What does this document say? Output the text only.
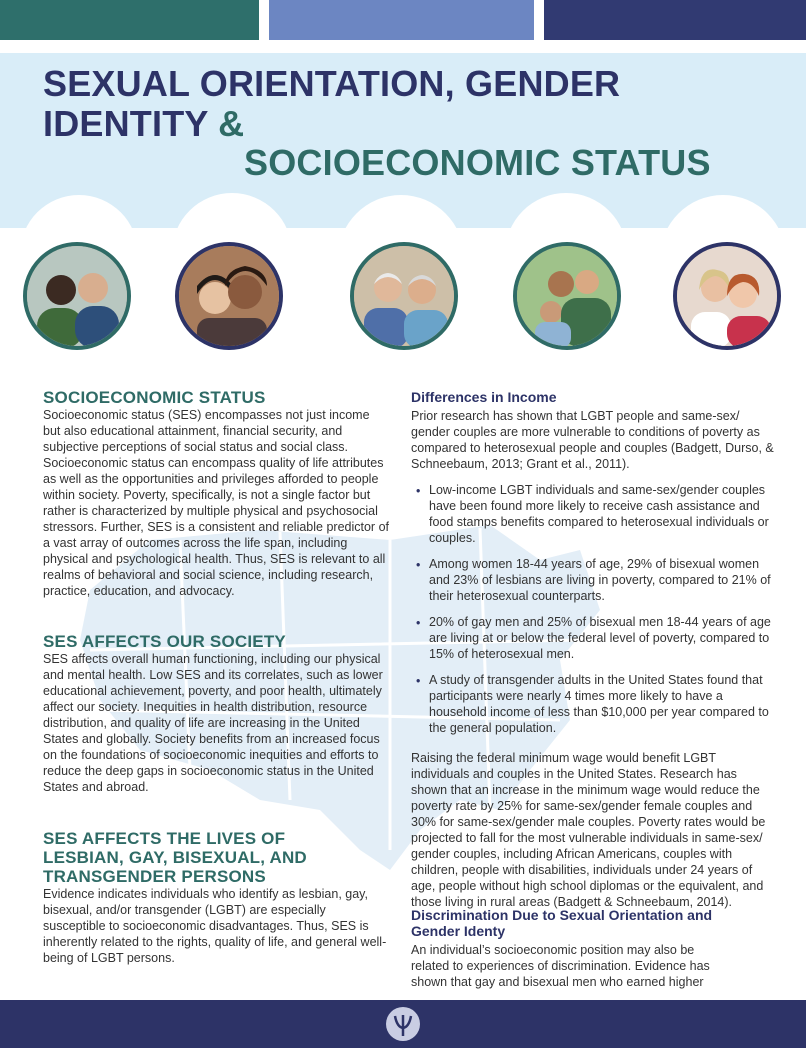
SEXUAL ORIENTATION, GENDER
IDENTITY &
SOCIOECONOMIC STATUS
SOCIOECONOMIC STATUS

Socioeconomic status (SES) encompasses not just income but also educational attainment, financial security, and subjective perceptions of social status and social class. Socioeconomic status can encompass quality of life attributes as well as the opportunities and privileges afforded to people within society. Poverty, specifically, is not a single factor but rather is characterized by multiple physical and psychosocial stressors. Further, SES is a consistent and reliable predictor of a vast array of outcomes across the life span, including physical and psychological health. Thus, SES is relevant to all realms of behavioral and social science, including research, practice, education, and advocacy.

SES AFFECTS OUR SOCIETY

SES affects overall human functioning, including our physical and mental health. Low SES and its correlates, such as lower educational achievement, poverty, and poor health, ultimately affect our society. Inequities in health distribution, resource distribution, and quality of life are increasing in the United States and globally. Society benefits from an increased focus on the foundations of socioeconomic inequities and efforts to reduce the deep gaps in socioeconomic status in the United States and abroad.

SES AFFECTS THE LIVES OF LESBIAN, GAY, BISEXUAL, AND TRANSGENDER PERSONS

Evidence indicates individuals who identify as lesbian, gay, bisexual, and/or transgender (LGBT) are especially susceptible to socioeconomic disadvantages. Thus, SES is inherently related to the rights, quality of life, and general well-being of LGBT persons.

Differences in Income

Prior research has shown that LGBT people and same-sex/ gender couples are more vulnerable to conditions of poverty as compared to heterosexual people and couples (Badgett, Durso, & Schneebaum, 2013; Grant et al., 2011).

• Low-income LGBT individuals and same-sex/gender couples have been found more likely to receive cash assistance and food stamps benefits compared to heterosexual individuals or couples.
• Among women 18-44 years of age, 29% of bisexual women and 23% of lesbians are living in poverty, compared to 21% of their heterosexual counterparts.
• 20% of gay men and 25% of bisexual men 18-44 years of age are living at or below the federal level of poverty, compared to 15% of heterosexual men.
• A study of transgender adults in the United States found that participants were nearly 4 times more likely to have a household income of less than $10,000 per year compared to the general population.

Raising the federal minimum wage would benefit LGBT individuals and couples in the United States. Research has shown that an increase in the minimum wage would reduce the poverty rate by 25% for same-sex/gender female couples and 30% for same-sex/gender male couples. Poverty rates would be projected to fall for the most vulnerable individuals in same-sex/ gender couples, including African Americans, couples with children, people with disabilities, individuals under 24 years of age, people without high school diplomas or the equivalent, and those living in rural areas (Badgett & Schneebaum, 2014).

Discrimination Due to Sexual Orientation and Gender Identy

An individual’s socioeconomic position may also be related to experiences of discrimination. Evidence has shown that gay and bisexual men who earned higher
